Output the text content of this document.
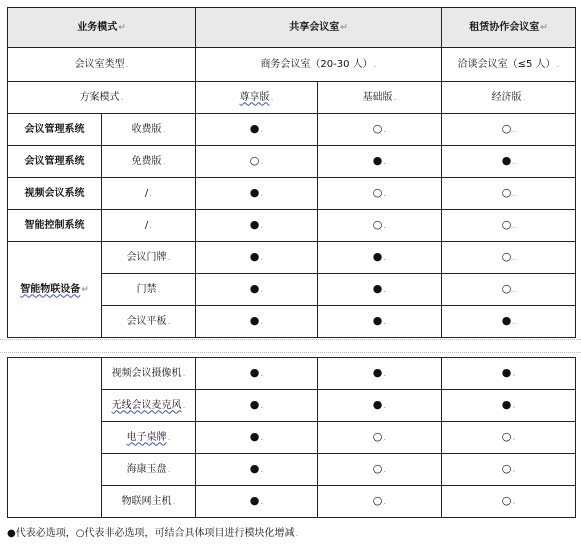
业务模式↵		共享会议室↵		租赁协作会议室↵
会议室类型.		商务会议室（20-30 人）.		洽谈会议室（≤5 人）.
方案模式.		尊享版.	基础版.	经济版.
会议管理系统	收费版.	●.	○.	○.
会议管理系统	免费版.	○.	●.	●.
视频会议系统	/.	●.	○.	○.
智能控制系统	/.	●.	○.	○.
智能物联设备↵	会议门牌.	●.	●.	○.
	门禁.	●.	●.	○.
	会议平板.	●.	●.	●.
	视频会议摄像机.	●.	●.	●.
	无线会议麦克风.	●.	●.	●.
	电子桌牌.	●.	○.	○.
	海康玉盘.	●.	○.	○.
	物联网主机.	●.	○.	○.
●代表必选项，○代表非必选项，可结合具体项目进行模块化增减.
